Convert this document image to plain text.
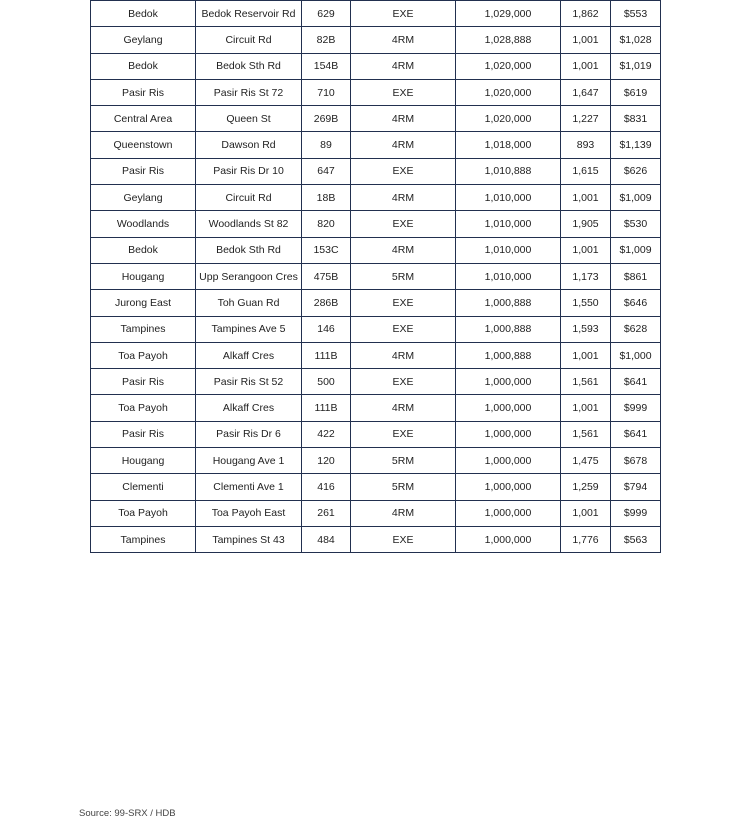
Bedok	Bedok Reservoir Rd	629	EXE	1,029,000	1,862	$553
Geylang	Circuit Rd	82B	4RM	1,028,888	1,001	$1,028
Bedok	Bedok Sth Rd	154B	4RM	1,020,000	1,001	$1,019
Pasir Ris	Pasir Ris St 72	710	EXE	1,020,000	1,647	$619
Central Area	Queen St	269B	4RM	1,020,000	1,227	$831
Queenstown	Dawson Rd	89	4RM	1,018,000	893	$1,139
Pasir Ris	Pasir Ris Dr 10	647	EXE	1,010,888	1,615	$626
Geylang	Circuit Rd	18B	4RM	1,010,000	1,001	$1,009
Woodlands	Woodlands St 82	820	EXE	1,010,000	1,905	$530
Bedok	Bedok Sth Rd	153C	4RM	1,010,000	1,001	$1,009
Hougang	Upp Serangoon Cres	475B	5RM	1,010,000	1,173	$861
Jurong East	Toh Guan Rd	286B	EXE	1,000,888	1,550	$646
Tampines	Tampines Ave 5	146	EXE	1,000,888	1,593	$628
Toa Payoh	Alkaff Cres	111B	4RM	1,000,888	1,001	$1,000
Pasir Ris	Pasir Ris St 52	500	EXE	1,000,000	1,561	$641
Toa Payoh	Alkaff Cres	111B	4RM	1,000,000	1,001	$999
Pasir Ris	Pasir Ris Dr 6	422	EXE	1,000,000	1,561	$641
Hougang	Hougang Ave 1	120	5RM	1,000,000	1,475	$678
Clementi	Clementi Ave 1	416	5RM	1,000,000	1,259	$794
Toa Payoh	Toa Payoh East	261	4RM	1,000,000	1,001	$999
Tampines	Tampines St 43	484	EXE	1,000,000	1,776	$563
Source: 99-SRX / HDB
